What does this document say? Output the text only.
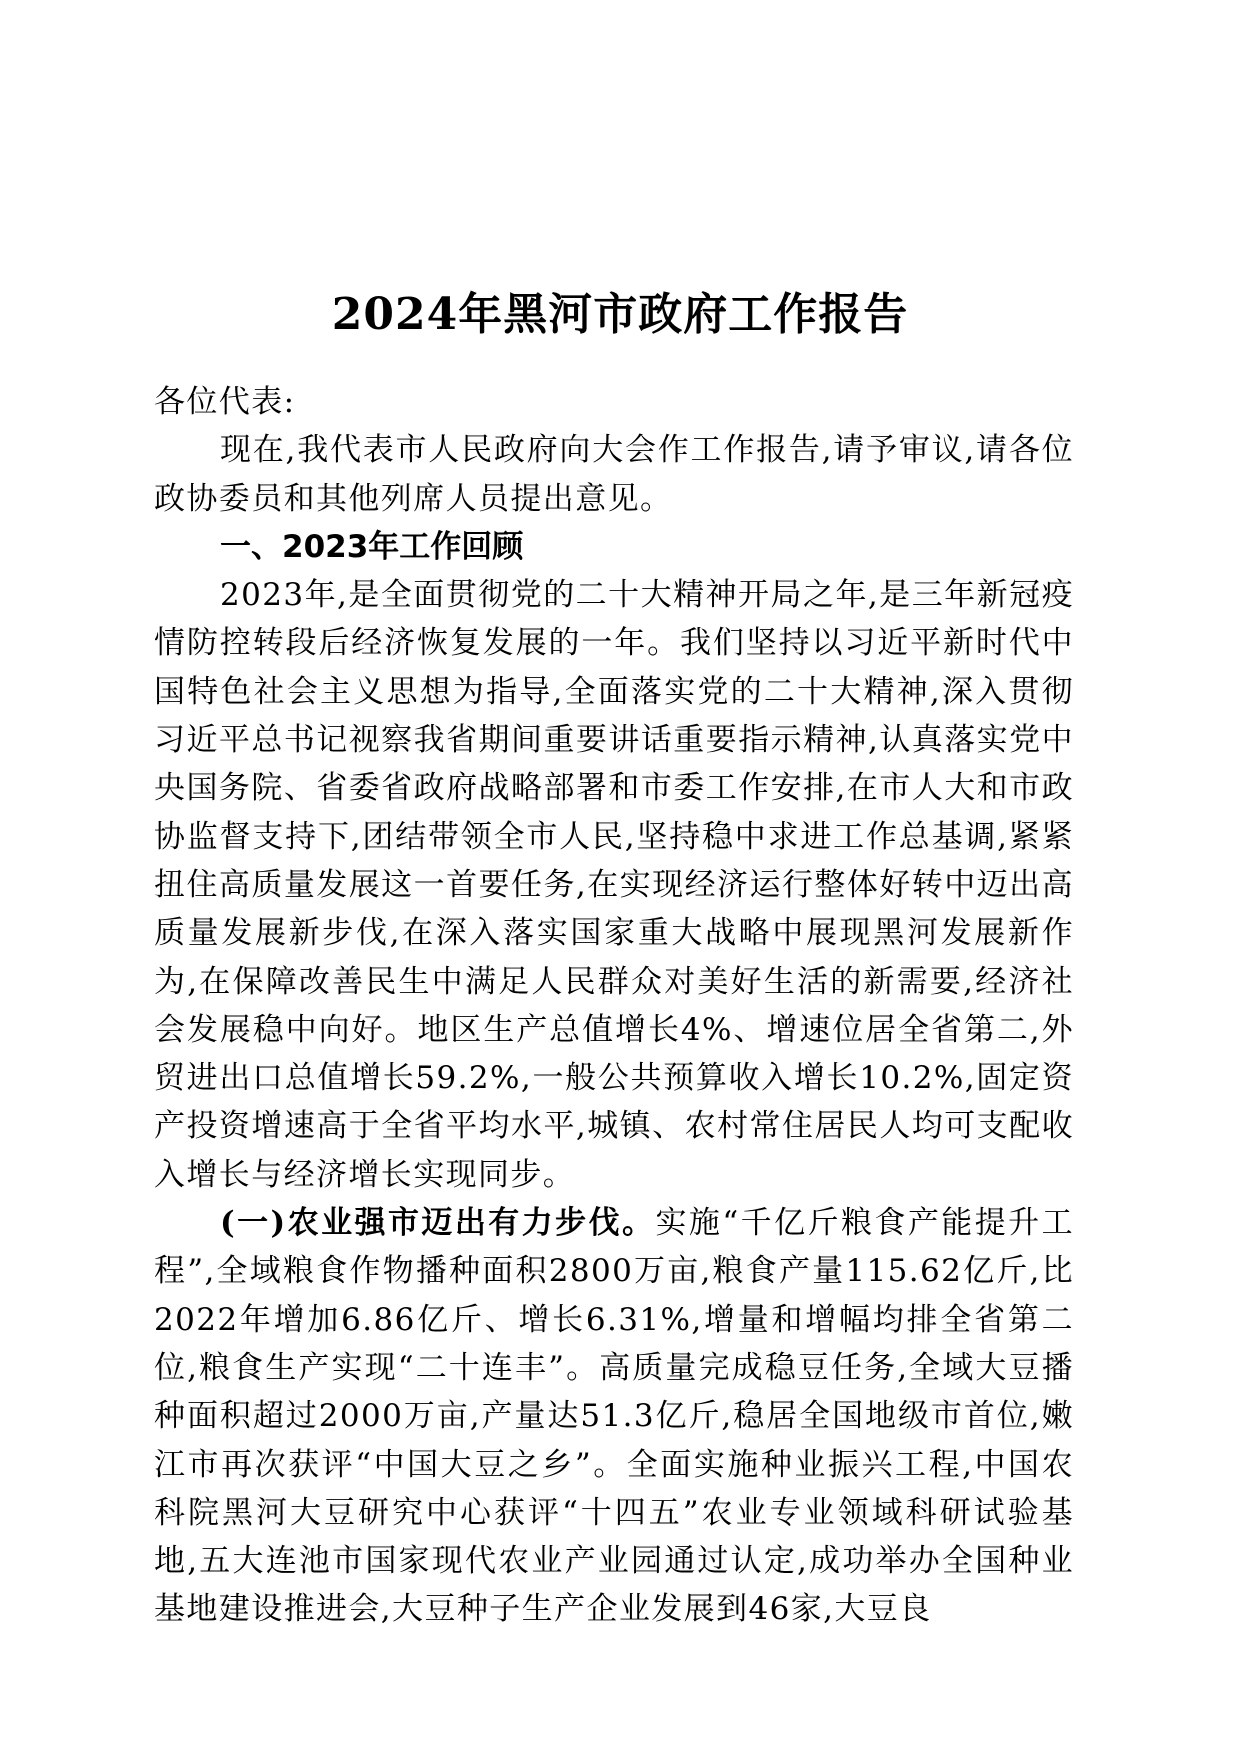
2024年黑河市政府工作报告

各位代表:

现在,我代表市人民政府向大会作工作报告,请予审议,请各位政协委员和其他列席人员提出意见。

一、2023年工作回顾

2023年,是全面贯彻党的二十大精神开局之年,是三年新冠疫情防控转段后经济恢复发展的一年。我们坚持以习近平新时代中国特色社会主义思想为指导,全面落实党的二十大精神,深入贯彻习近平总书记视察我省期间重要讲话重要指示精神,认真落实党中央国务院、省委省政府战略部署和市委工作安排,在市人大和市政协监督支持下,团结带领全市人民,坚持稳中求进工作总基调,紧紧扭住高质量发展这一首要任务,在实现经济运行整体好转中迈出高质量发展新步伐,在深入落实国家重大战略中展现黑河发展新作为,在保障改善民生中满足人民群众对美好生活的新需要,经济社会发展稳中向好。地区生产总值增长4%、增速位居全省第二,外贸进出口总值增长59.2%,一般公共预算收入增长10.2%,固定资产投资增速高于全省平均水平,城镇、农村常住居民人均可支配收入增长与经济增长实现同步。

(一)农业强市迈出有力步伐。实施“千亿斤粮食产能提升工程”,全域粮食作物播种面积2800万亩,粮食产量115.62亿斤,比2022年增加6.86亿斤、增长6.31%,增量和增幅均排全省第二位,粮食生产实现“二十连丰”。高质量完成稳豆任务,全域大豆播种面积超过2000万亩,产量达51.3亿斤,稳居全国地级市首位,嫩江市再次获评“中国大豆之乡”。全面实施种业振兴工程,中国农科院黑河大豆研究中心获评“十四五”农业专业领域科研试验基地,五大连池市国家现代农业产业园通过认定,成功举办全国种业基地建设推进会,大豆种子生产企业发展到46家,大豆良
